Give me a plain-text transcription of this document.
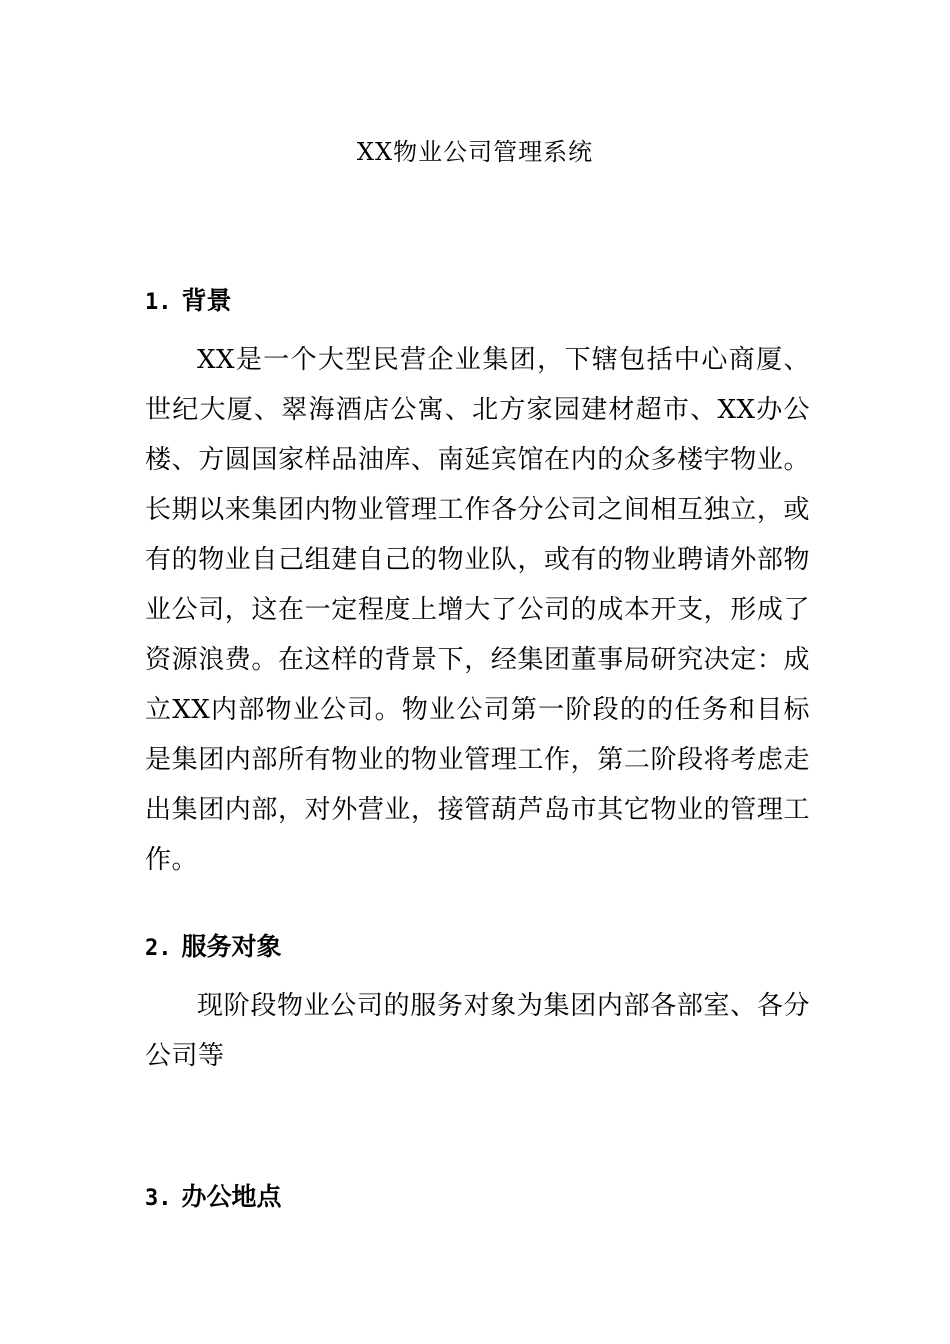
XX物业公司管理系统
1. 背景

XX是一个大型民营企业集团，下辖包括中心商厦、世纪大厦、翠海酒店公寓、北方家园建材超市、XX办公楼、方圆国家样品油库、南延宾馆在内的众多楼宇物业。长期以来集团内物业管理工作各分公司之间相互独立，或有的物业自己组建自己的物业队，或有的物业聘请外部物业公司，这在一定程度上增大了公司的成本开支，形成了资源浪费。在这样的背景下，经集团董事局研究决定：成立XX内部物业公司。物业公司第一阶段的的任务和目标是集团内部所有物业的物业管理工作，第二阶段将考虑走出集团内部，对外营业，接管葫芦岛市其它物业的管理工作。

2. 服务对象

现阶段物业公司的服务对象为集团内部各部室、各分公司等

3. 办公地点
